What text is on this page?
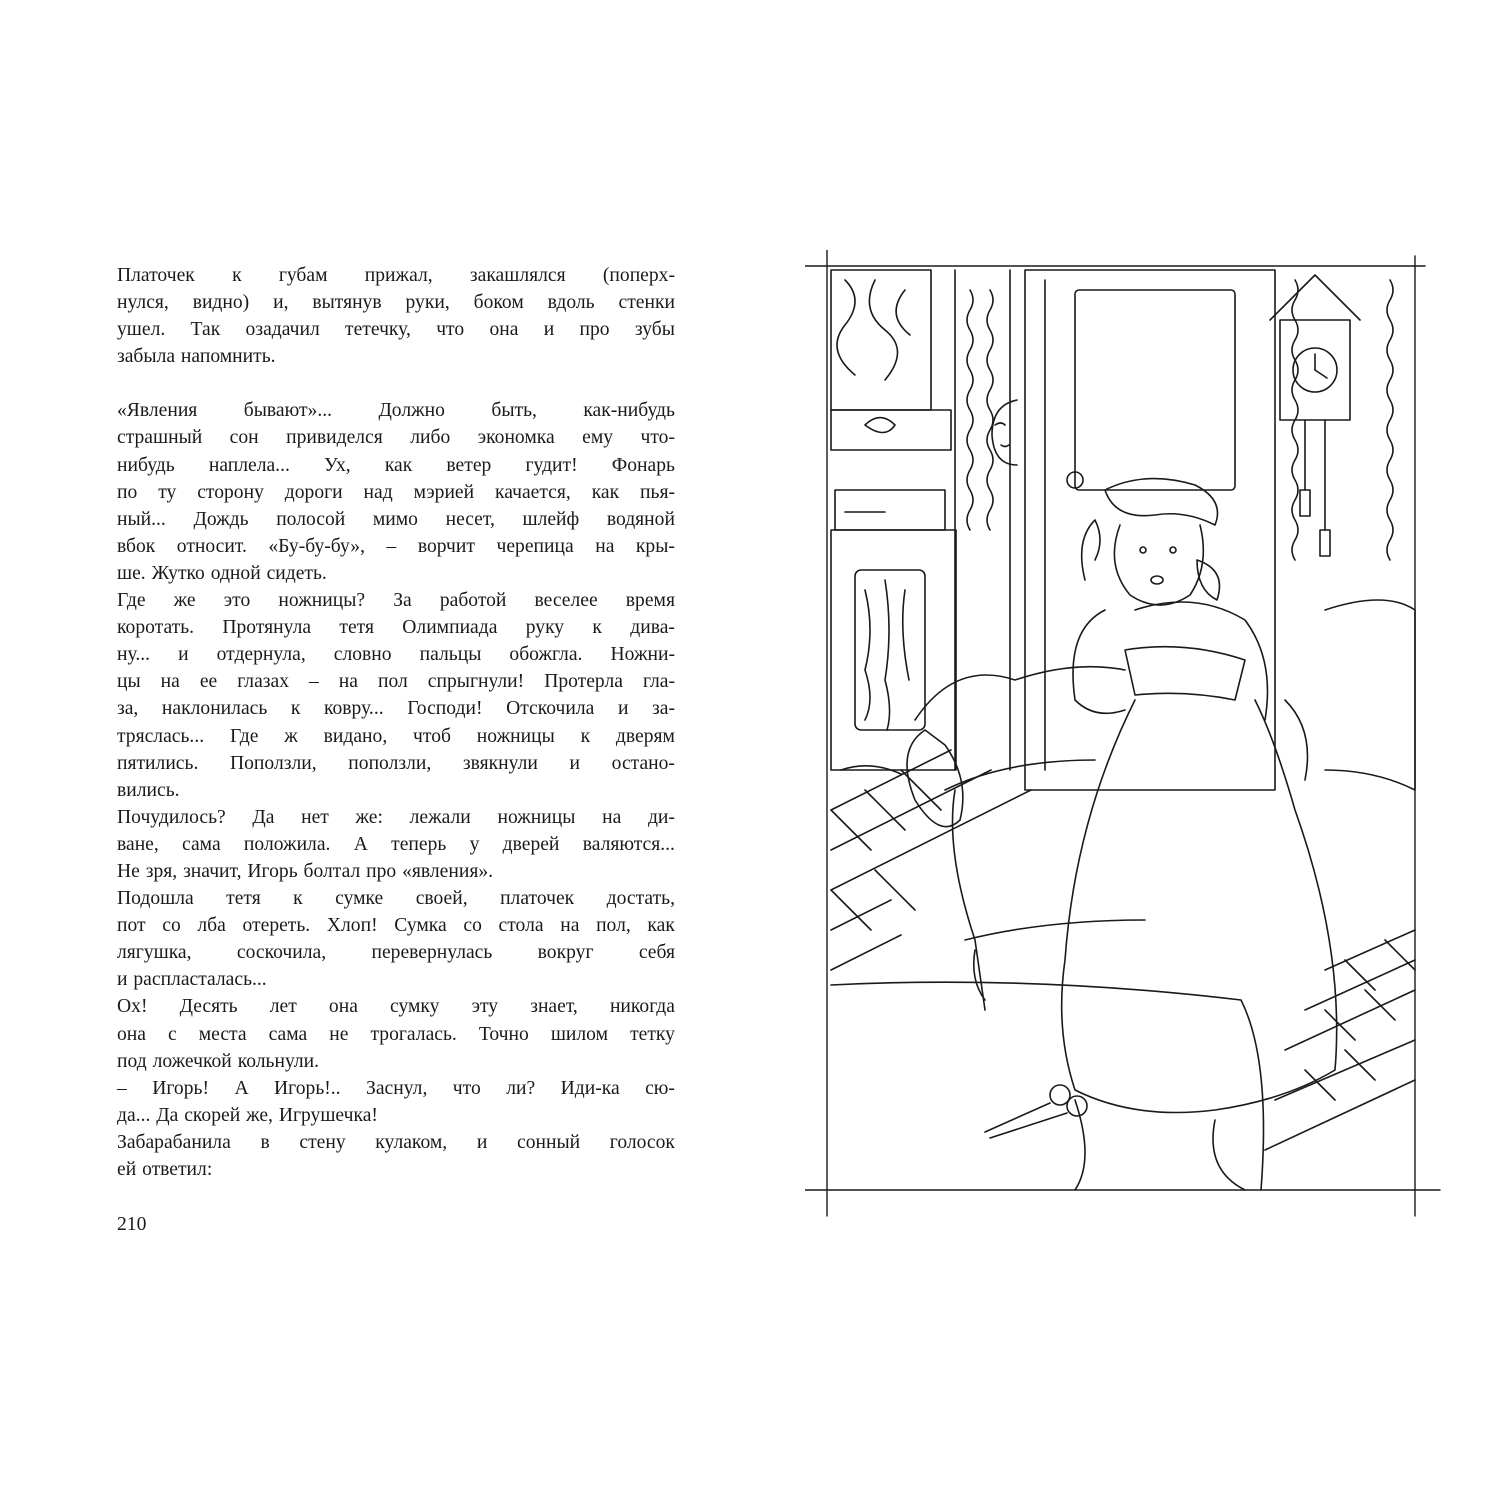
Платочек к губам прижал, закашлялся (поперх-
нулся, видно) и, вытянув руки, боком вдоль стенки
ушел. Так озадачил тетечку, что она и про зубы
забыла напомнить.
«Явления бывают»... Должно быть, как-нибудь
страшный сон привиделся либо экономка ему что-
нибудь наплела... Ух, как ветер гудит! Фонарь
по ту сторону дороги над мэрией качается, как пья-
ный... Дождь полосой мимо несет, шлейф водяной
вбок относит. «Бу-бу-бу», – ворчит черепица на кры-
ше. Жутко одной сидеть.
Где же это ножницы? За работой веселее время
коротать. Протянула тетя Олимпиада руку к дива-
ну... и отдернула, словно пальцы обожгла. Ножни-
цы на ее глазах – на пол спрыгнули! Протерла гла-
за, наклонилась к ковру... Господи! Отскочила и за-
тряслась... Где ж видано, чтоб ножницы к дверям
пятились. Поползли, поползли, звякнули и остано-
вились.
Почудилось? Да нет же: лежали ножницы на ди-
ване, сама положила. А теперь у дверей валяются...
Не зря, значит, Игорь болтал про «явления».
Подошла тетя к сумке своей, платочек достать,
пот со лба отереть. Хлоп! Сумка со стола на пол, как
лягушка, соскочила, перевернулась вокруг себя
и распласталась...
Ох! Десять лет она сумку эту знает, никогда
она с места сама не трогалась. Точно шилом тетку
под ложечкой кольнули.
– Игорь! А Игорь!.. Заснул, что ли? Иди-ка сю-
да... Да скорей же, Игрушечка!
Забарабанила в стену кулаком, и сонный голосок
ей ответил:
210
